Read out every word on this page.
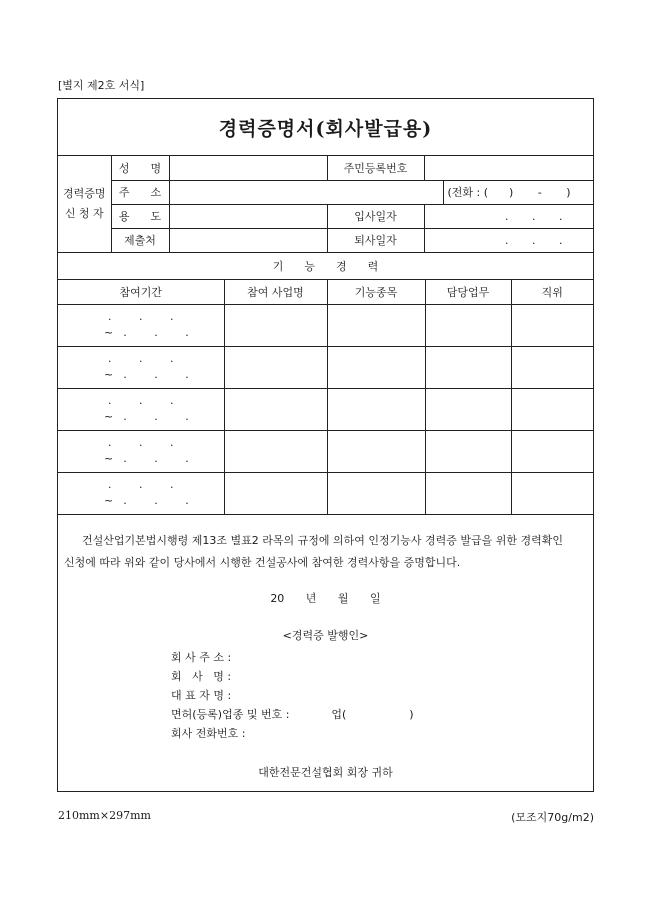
[별지 제2호 서식]
경력증명서(회사발급용)
경력증명
신 청 자	성      명		주민등록번호		
	주      소				(전화 : (      )       -       )
	용      도		입사일자	. . .	
	제출처		퇴사일자	. . .	
기      능      경      력				
참여기간	참여 사업명	기능종목	담당업무	직위

. . .
~ . . .				

. . .
~ . . .				

. . .
~ . . .				

. . .
~ . . .				

. . .
~ . . .				

건설산업기본법시행령 제13조 별표2 라목의 규정에 의하여 인정기능사 경력증 발급을 위한 경력확인 신청에 따라 위와 같이 당사에서 시행한 건설공사에 참여한 경력사항을 증명합니다.

20 년 월 일
<경력증 발행인>
회 사 주 소 :
회   사   명 :
대 표 자 명 :
면허(등록)업종 및 번호 :            업(                  )
회사 전화번호 :
대한전문건설협회 회장 귀하
210mm×297mm	(모조지70g/m2)
